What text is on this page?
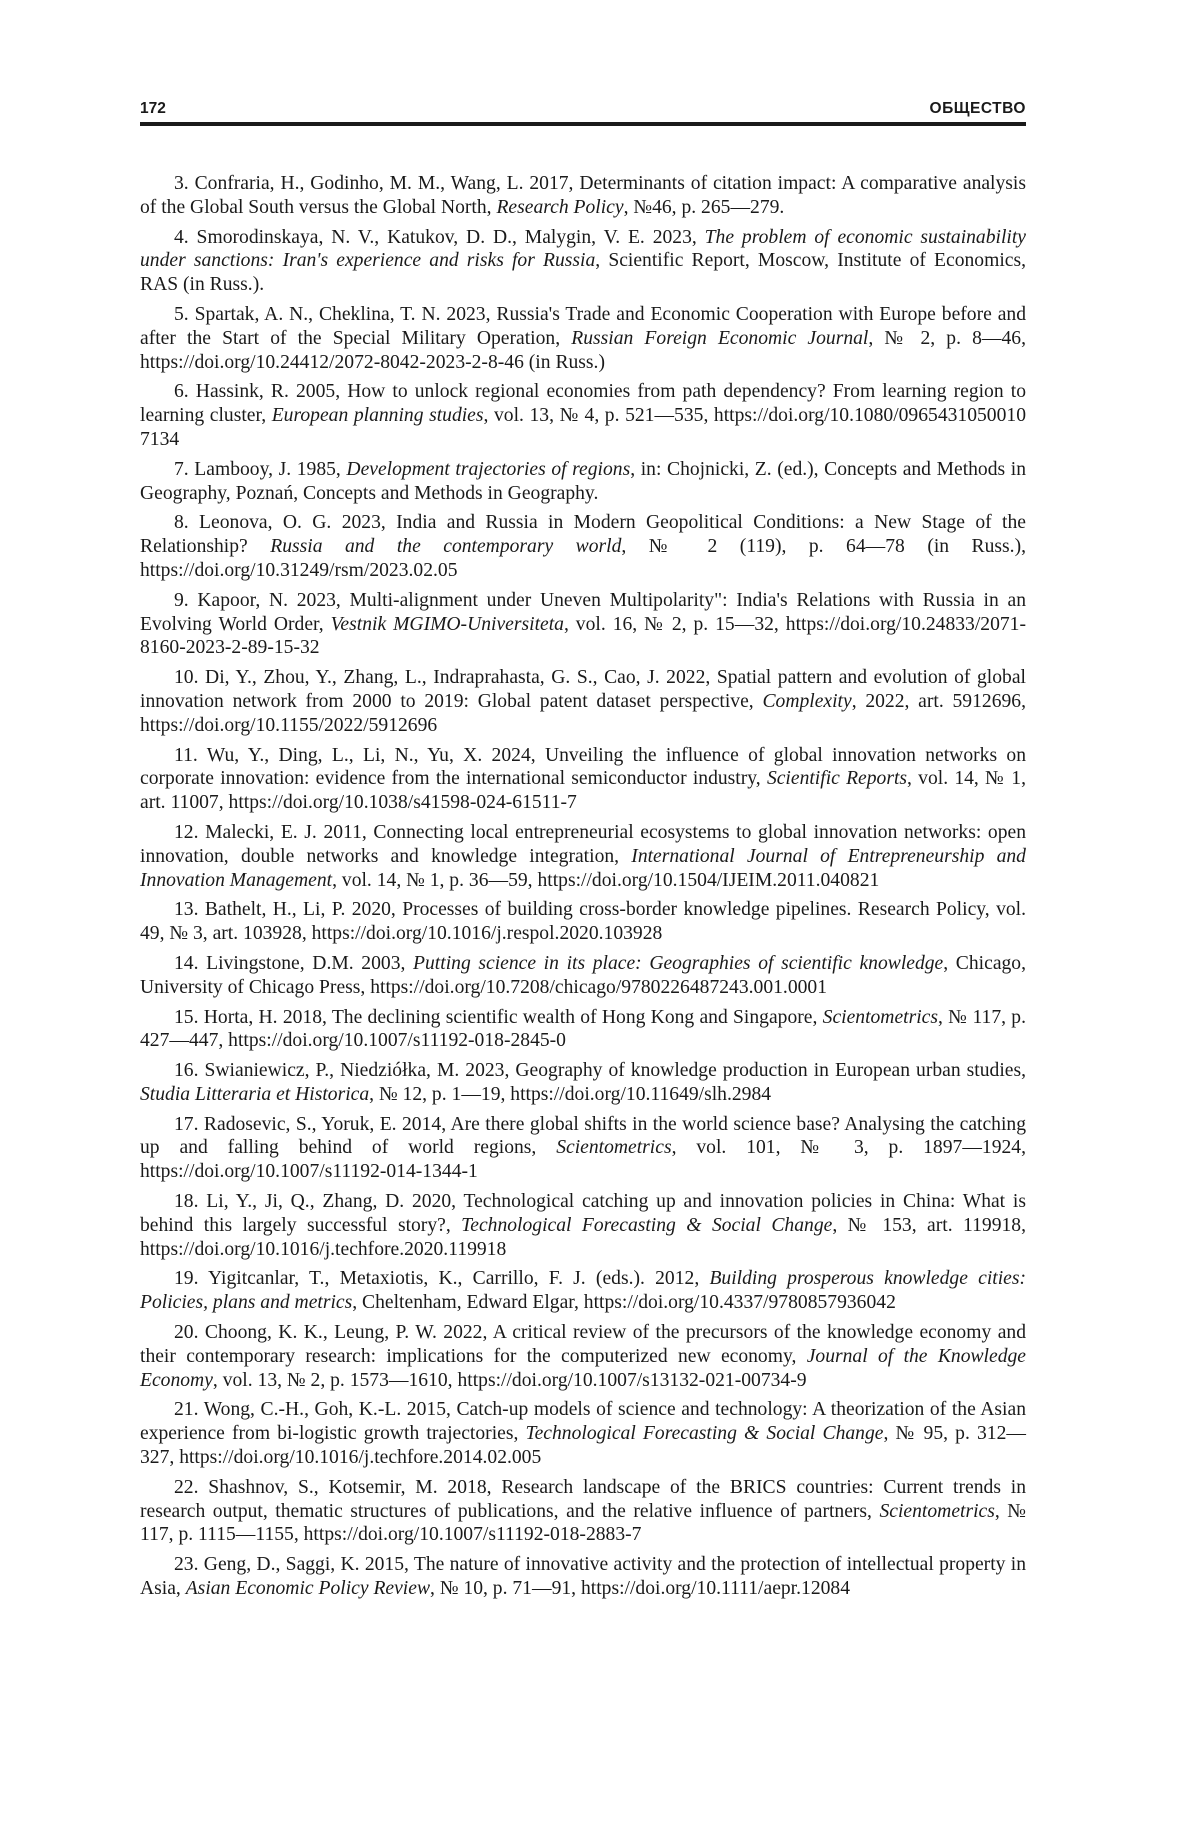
172	ОБЩЕСТВО

3. Confraria, H., Godinho, M. M., Wang, L. 2017, Determinants of citation impact: A comparative analysis of the Global South versus the Global North, Research Policy, №46, p. 265—279.

4. Smorodinskaya, N. V., Katukov, D. D., Malygin, V. E. 2023, The problem of economic sustainability under sanctions: Iran's experience and risks for Russia, Scientific Report, Moscow, Institute of Economics, RAS (in Russ.).

5. Spartak, A. N., Cheklina, T. N. 2023, Russia's Trade and Economic Cooperation with Europe before and after the Start of the Special Military Operation, Russian Foreign Economic Journal, № 2, p. 8—46, https://doi.org/10.24412/2072-8042-2023-2-8-46 (in Russ.)

6. Hassink, R. 2005, How to unlock regional economies from path dependency? From learning region to learning cluster, European planning studies, vol. 13, № 4, p. 521—535, https://doi.org/10.1080/0965431050010 7134

7. Lambooy, J. 1985, Development trajectories of regions, in: Chojnicki, Z. (ed.), Concepts and Methods in Geography, Poznań, Concepts and Methods in Geography.

8. Leonova, O. G. 2023, India and Russia in Modern Geopolitical Conditions: a New Stage of the Relationship? Russia and the contemporary world, № 2 (119), p. 64—78 (in Russ.), https://doi.org/10.31249/rsm/2023.02.05

9. Kapoor, N. 2023, Multi-alignment under Uneven Multipolarity": India's Relations with Russia in an Evolving World Order, Vestnik MGIMO-Universiteta, vol. 16, № 2, p. 15—32, https://doi.org/10.24833/2071-8160-2023-2-89-15-32

10. Di, Y., Zhou, Y., Zhang, L., Indraprahasta, G. S., Cao, J. 2022, Spatial pattern and evolution of global innovation network from 2000 to 2019: Global patent dataset perspective, Complexity, 2022, art. 5912696, https://doi.org/10.1155/2022/5912696

11. Wu, Y., Ding, L., Li, N., Yu, X. 2024, Unveiling the influence of global innovation networks on corporate innovation: evidence from the international semiconductor industry, Scientific Reports, vol. 14, № 1, art. 11007, https://doi.org/10.1038/s41598-024-61511-7

12. Malecki, E. J. 2011, Connecting local entrepreneurial ecosystems to global innovation networks: open innovation, double networks and knowledge integration, International Journal of Entrepreneurship and Innovation Management, vol. 14, № 1, p. 36—59, https://doi.org/10.1504/IJEIM.2011.040821

13. Bathelt, H., Li, P. 2020, Processes of building cross-border knowledge pipelines. Research Policy, vol. 49, № 3, art. 103928, https://doi.org/10.1016/j.respol.2020.103928

14. Livingstone, D.M. 2003, Putting science in its place: Geographies of scientific knowledge, Chicago, University of Chicago Press, https://doi.org/10.7208/chicago/9780226487243.001.0001

15. Horta, H. 2018, The declining scientific wealth of Hong Kong and Singapore, Scientometrics, № 117, p. 427—447, https://doi.org/10.1007/s11192-018-2845-0

16. Swianiewicz, P., Niedziółka, M. 2023, Geography of knowledge production in European urban studies, Studia Litteraria et Historica, № 12, p. 1—19, https://doi.org/10.11649/slh.2984

17. Radosevic, S., Yoruk, E. 2014, Are there global shifts in the world science base? Analysing the catching up and falling behind of world regions, Scientometrics, vol. 101, № 3, p. 1897—1924, https://doi.org/10.1007/s11192-014-1344-1

18. Li, Y., Ji, Q., Zhang, D. 2020, Technological catching up and innovation policies in China: What is behind this largely successful story?, Technological Forecasting & Social Change, № 153, art. 119918, https://doi.org/10.1016/j.techfore.2020.119918

19. Yigitcanlar, T., Metaxiotis, K., Carrillo, F. J. (eds.). 2012, Building prosperous knowledge cities: Policies, plans and metrics, Cheltenham, Edward Elgar, https://doi.org/10.4337/9780857936042

20. Choong, K. K., Leung, P. W. 2022, A critical review of the precursors of the knowledge economy and their contemporary research: implications for the computerized new economy, Journal of the Knowledge Economy, vol. 13, № 2, p. 1573—1610, https://doi.org/10.1007/s13132-021-00734-9

21. Wong, C.-H., Goh, K.-L. 2015, Catch-up models of science and technology: A theorization of the Asian experience from bi-logistic growth trajectories, Technological Forecasting & Social Change, № 95, p. 312—327, https://doi.org/10.1016/j.techfore.2014.02.005

22. Shashnov, S., Kotsemir, M. 2018, Research landscape of the BRICS countries: Current trends in research output, thematic structures of publications, and the relative influence of partners, Scientometrics, № 117, p. 1115—1155, https://doi.org/10.1007/s11192-018-2883-7

23. Geng, D., Saggi, K. 2015, The nature of innovative activity and the protection of intellectual property in Asia, Asian Economic Policy Review, № 10, p. 71—91, https://doi.org/10.1111/aepr.12084
